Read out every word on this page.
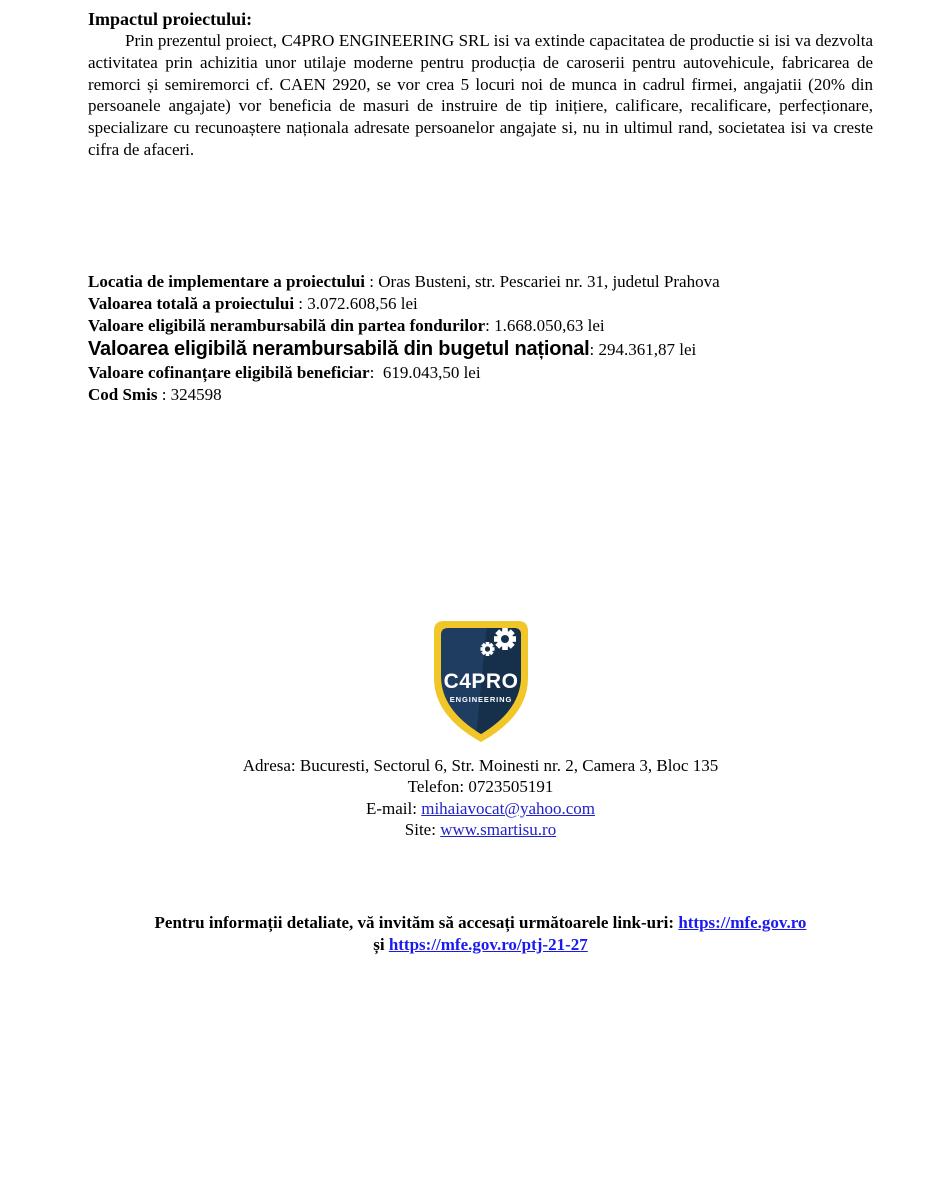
Impactul proiectului:

Prin prezentul proiect, C4PRO ENGINEERING SRL isi va extinde capacitatea de productie si isi va dezvolta activitatea prin achizitia unor utilaje moderne pentru producția de caroserii pentru autovehicule, fabricarea de remorci și semiremorci cf. CAEN 2920, se vor crea 5 locuri noi de munca in cadrul firmei, angajatii (20% din persoanele angajate) vor beneficia de masuri de instruire de tip inițiere, calificare, recalificare, perfecționare, specializare cu recunoaștere naționala adresate persoanelor angajate si, nu in ultimul rand, societatea isi va creste cifra de afaceri.

Locatia de implementare a proiectului : Oras Busteni, str. Pescariei nr. 31, judetul Prahova
Valoarea totală a proiectului : 3.072.608,56 lei
Valoare eligibilă nerambursabilă din partea fondurilor: 1.668.050,63 lei
Valoarea eligibilă nerambursabilă din bugetul național: 294.361,87 lei
Valoare cofinanțare eligibilă beneficiar:  619.043,50 lei
Cod Smis : 324598
C4PRO
ENGINEERING
Adresa: Bucuresti, Sectorul 6, Str. Moinesti nr. 2, Camera 3, Bloc 135
Telefon: 0723505191
E-mail: mihaiavocat@yahoo.com
Site: www.smartisu.ro
Pentru informații detaliate, vă invităm să accesați următoarele link-uri: https://mfe.gov.ro
și https://mfe.gov.ro/ptj-21-27
